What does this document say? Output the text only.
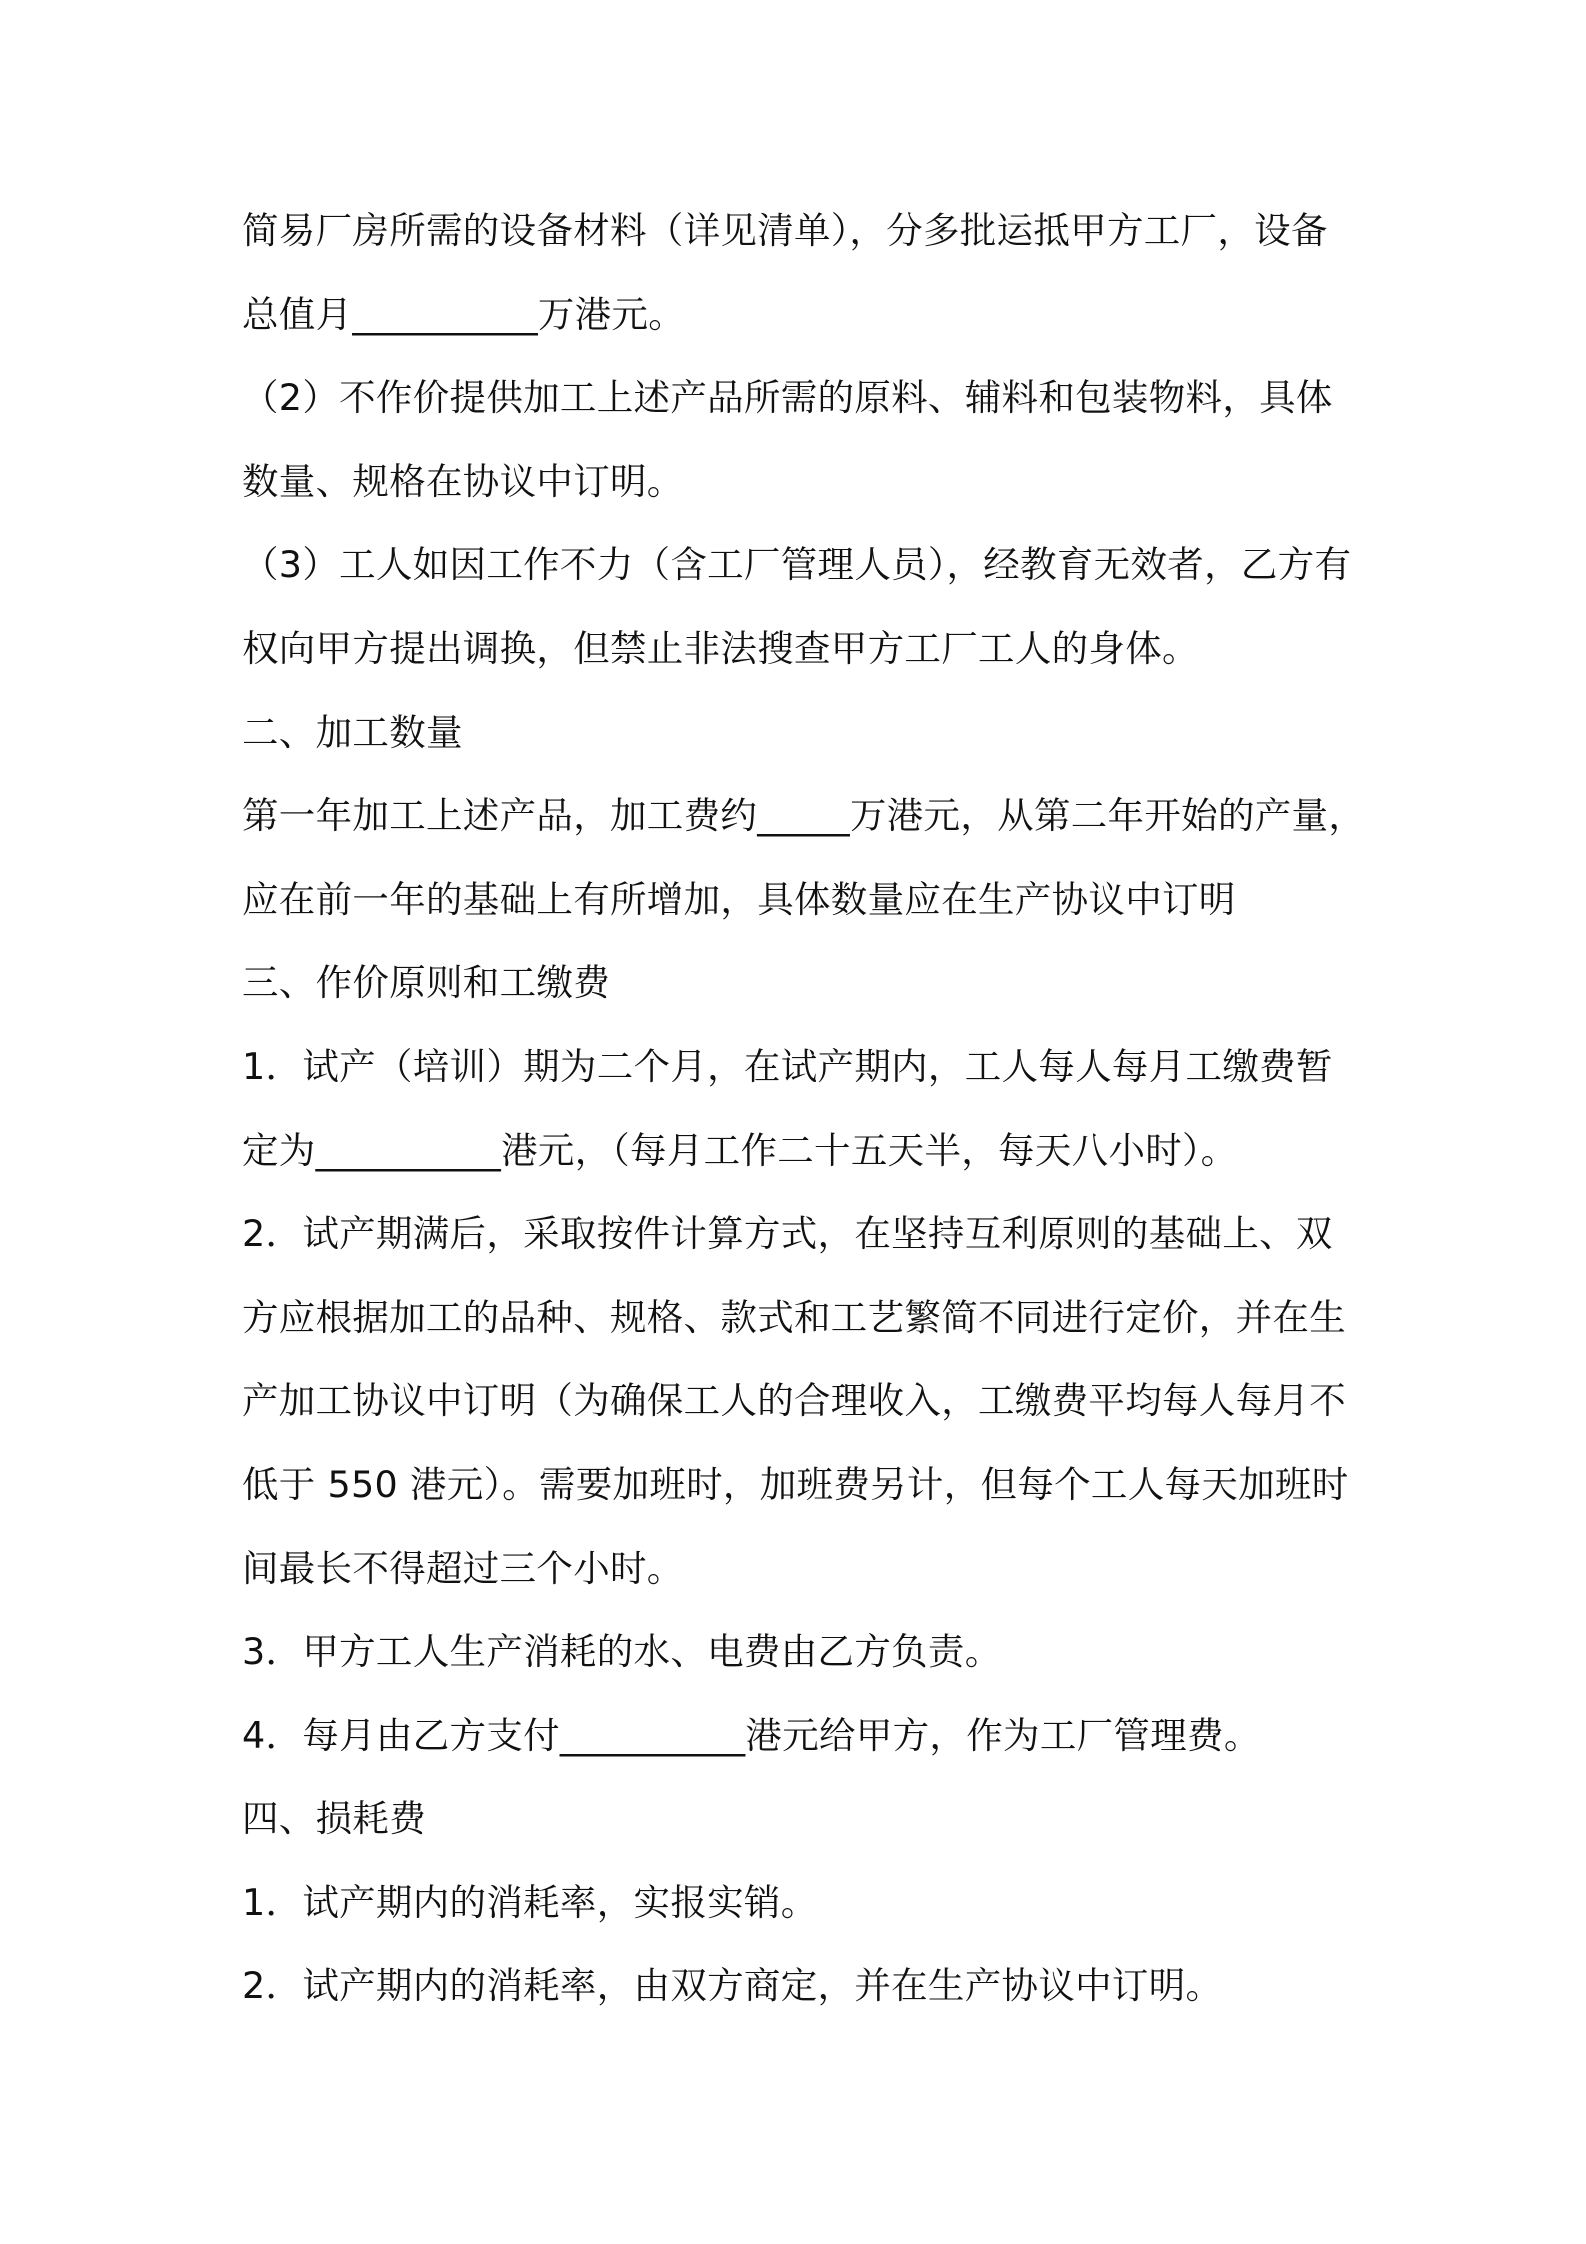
简易厂房所需的设备材料（详见清单），分多批运抵甲方工厂，设备
总值月__________万港元。
（2）不作价提供加工上述产品所需的原料、辅料和包装物料，具体
数量、规格在协议中订明。
（3）工人如因工作不力（含工厂管理人员），经教育无效者，乙方有
权向甲方提出调换，但禁止非法搜查甲方工厂工人的身体。
二、加工数量
第一年加工上述产品，加工费约_____万港元，从第二年开始的产量，
应在前一年的基础上有所增加，具体数量应在生产协议中订明
三、作价原则和工缴费
1．试产（培训）期为二个月，在试产期内，工人每人每月工缴费暂
定为__________港元，（每月工作二十五天半，每天八小时）。
2．试产期满后，采取按件计算方式，在坚持互利原则的基础上、双
方应根据加工的品种、规格、款式和工艺繁简不同进行定价，并在生
产加工协议中订明（为确保工人的合理收入，工缴费平均每人每月不
低于 550 港元）。需要加班时，加班费另计，但每个工人每天加班时
间最长不得超过三个小时。
3．甲方工人生产消耗的水、电费由乙方负责。
4．每月由乙方支付__________港元给甲方，作为工厂管理费。
四、损耗费
1．试产期内的消耗率，实报实销。
2．试产期内的消耗率，由双方商定，并在生产协议中订明。
